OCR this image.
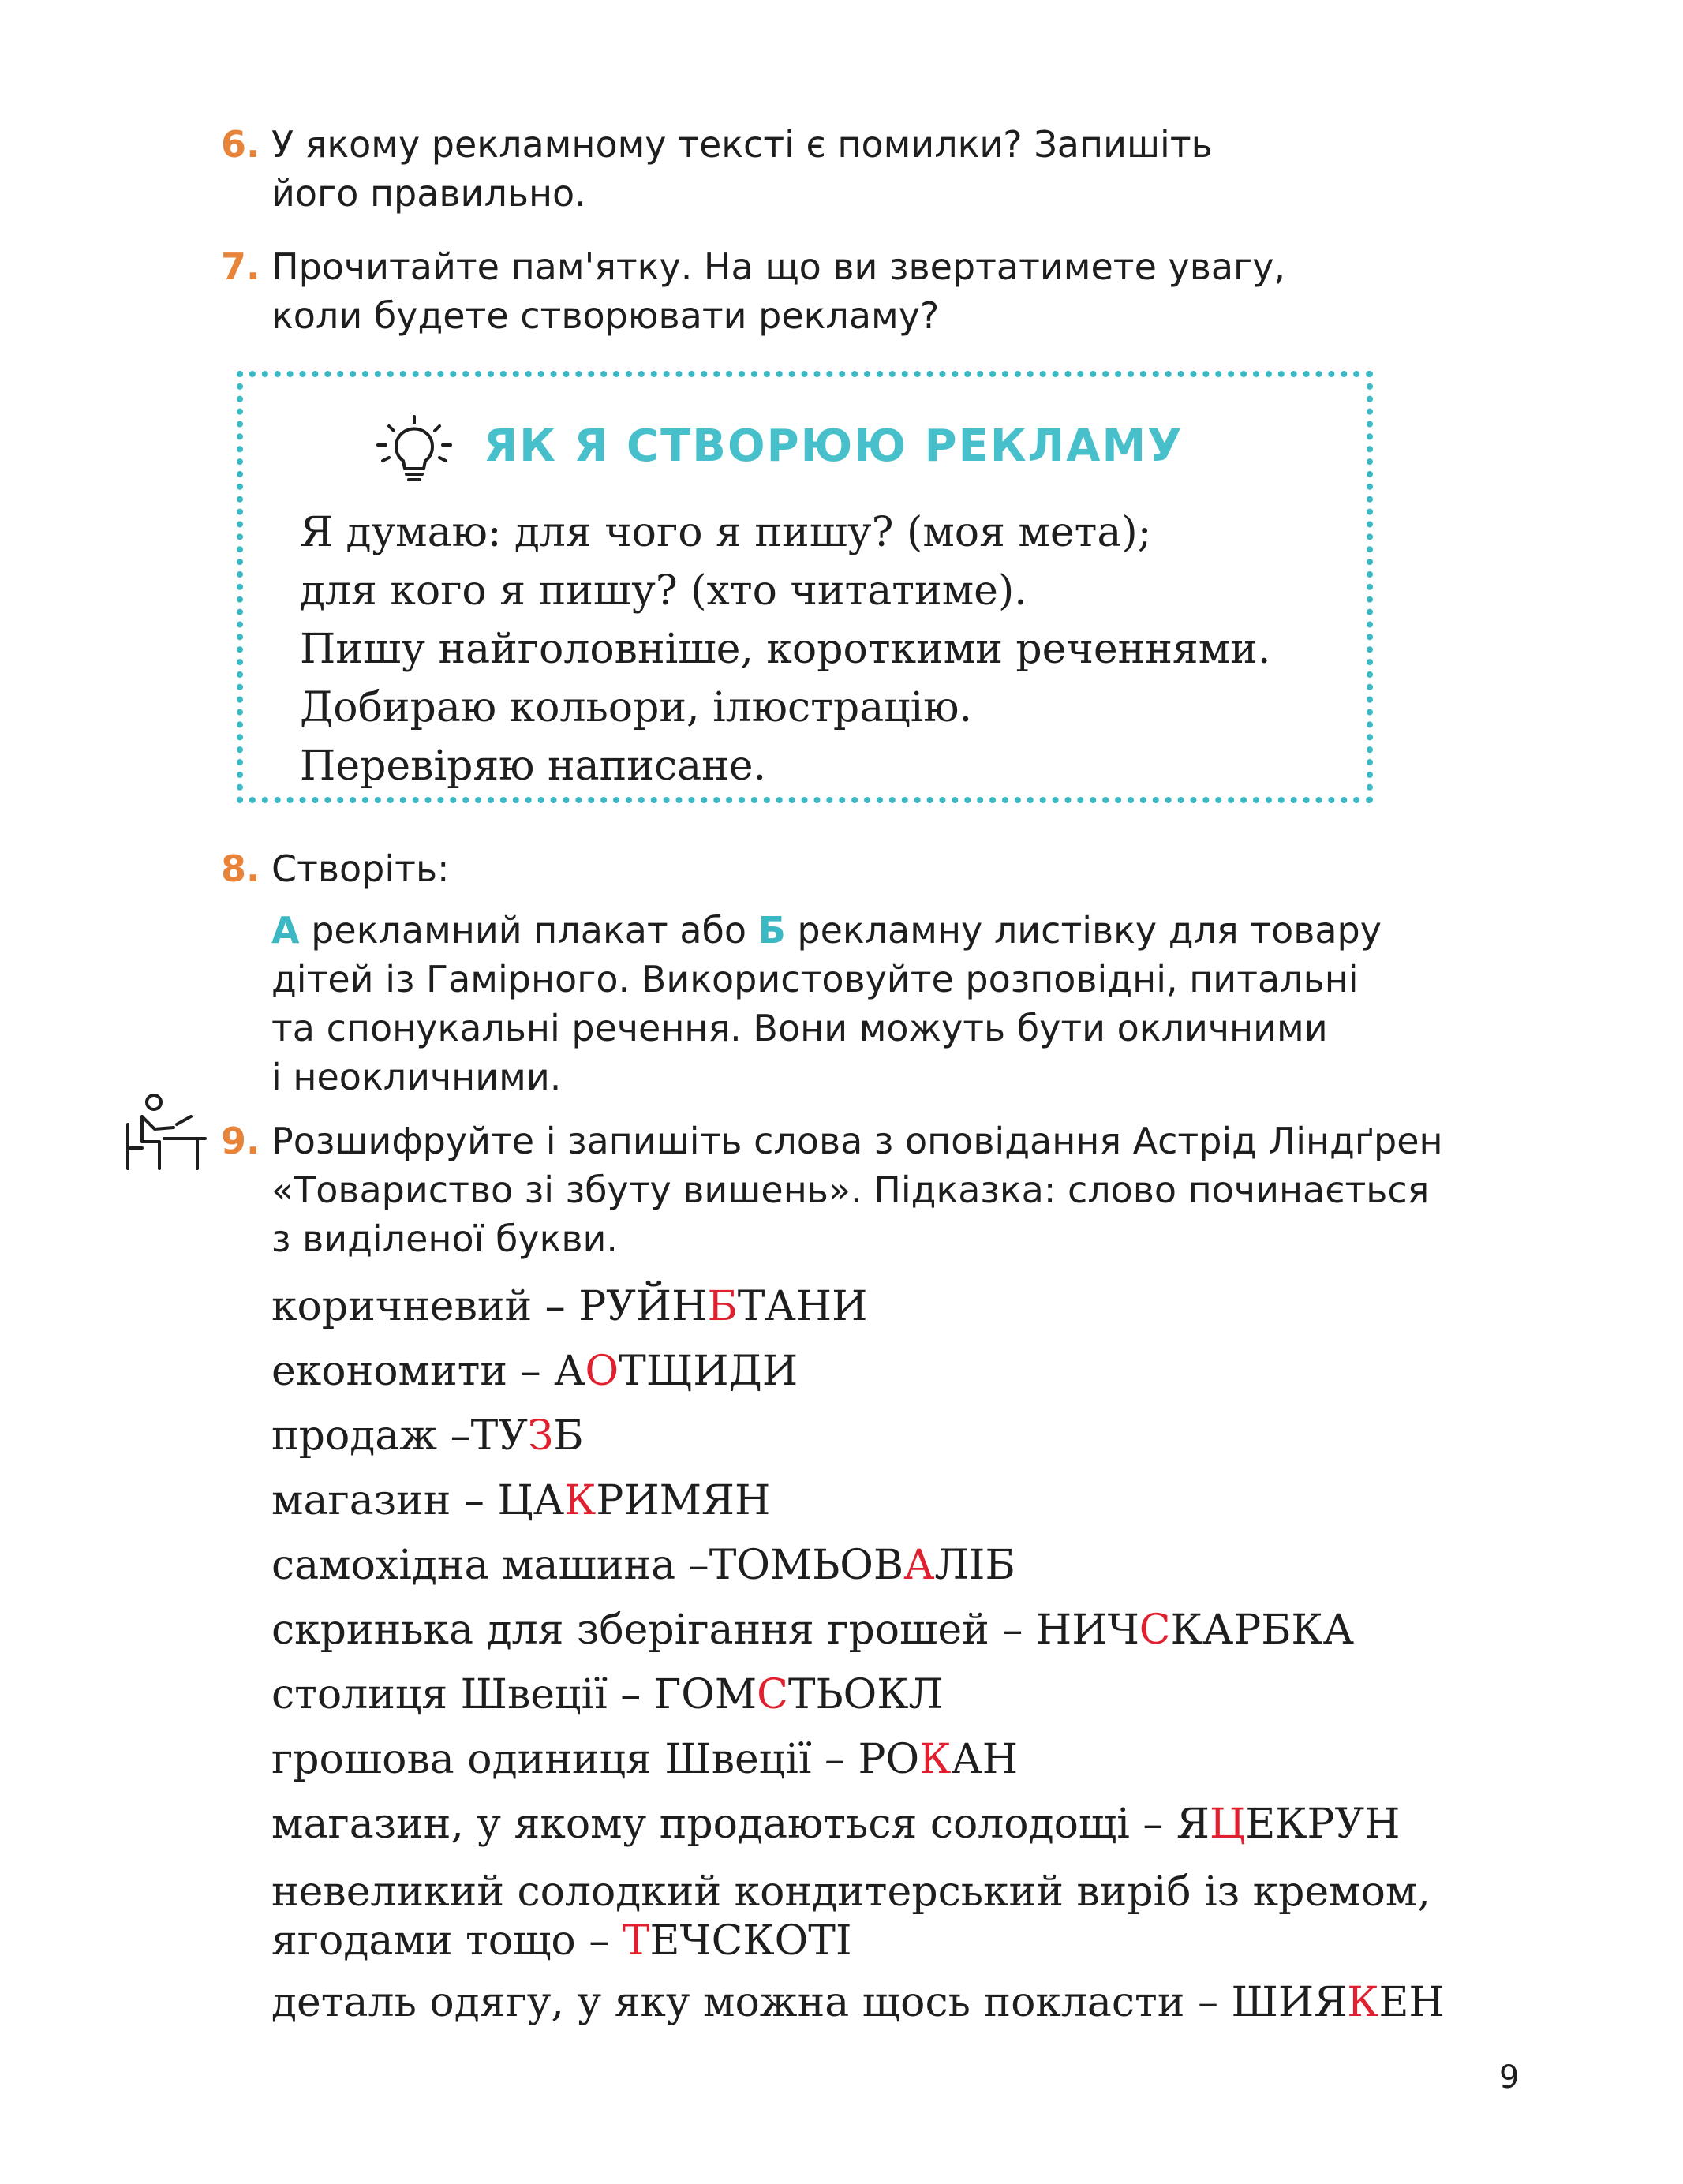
6. У якому рекламному тексті є помилки? Запишіть
його правильно.
7. Прочитайте пам'ятку. На що ви звертатимете увагу,
коли будете створювати рекламу?
ЯК Я СТВОРЮЮ РЕКЛАМУ
Я думаю: для чого я пишу? (моя мета);
для кого я пишу? (хто читатиме).
Пишу найголовніше, короткими реченнями.
Добираю кольори, ілюстрацію.
Перевіряю написане.
8. Створіть:
А рекламний плакат або Б рекламну листівку для товару
дітей із Гамірного. Використовуйте розповідні, питальні
та спонукальні речення. Вони можуть бути окличними
і неокличними.
9. Розшифруйте і запишіть слова з оповідання Астрід Ліндґрен
«Товариство зі збуту вишень». Підказка: слово починається
з виділеної букви.
коричневий – РУЙНБТАНИ
економити – АОТЩИДИ
продаж –ТУЗБ
магазин – ЦАКРИМЯН
самохідна машина –ТОМЬОВАЛІБ
скринька для зберігання грошей – НИЧСКАРБКА
столиця Швеції – ГОМСТЬОКЛ
грошова одиниця Швеції – РОКАН
магазин, у якому продаються солодощі – ЯЦЕКРУН
невеликий солодкий кондитерський виріб із кремом,
ягодами тощо – ТЕЧСКОТІ
деталь одягу, у яку можна щось покласти – ШИЯКЕН
9
